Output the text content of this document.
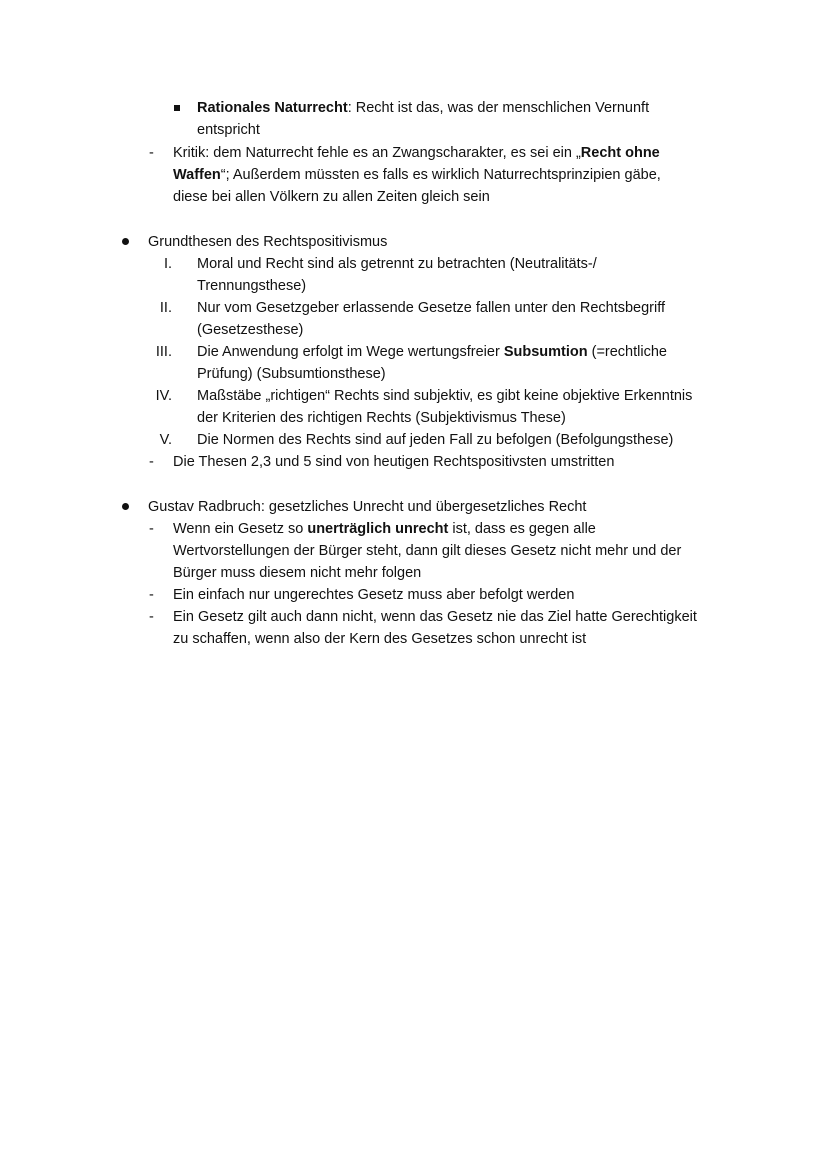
Rationales Naturrecht: Recht ist das, was der menschlichen Vernunft
entspricht
- Kritik: dem Naturrecht fehle es an Zwangscharakter, es sei ein „Recht ohne
Waffen“; Außerdem müssten es falls es wirklich Naturrechtsprinzipien gäbe,
diese bei allen Völkern zu allen Zeiten gleich sein
Grundthesen des Rechtspositivismus
I. Moral und Recht sind als getrennt zu betrachten (Neutralitäts-/
Trennungsthese)
II. Nur vom Gesetzgeber erlassende Gesetze fallen unter den Rechtsbegriff
(Gesetzesthese)
III. Die Anwendung erfolgt im Wege wertungsfreier Subsumtion (=rechtliche
Prüfung) (Subsumtionsthese)
IV. Maßstäbe „richtigen“ Rechts sind subjektiv, es gibt keine objektive Erkenntnis
der Kriterien des richtigen Rechts (Subjektivismus These)
V. Die Normen des Rechts sind auf jeden Fall zu befolgen (Befolgungsthese)
- Die Thesen 2,3 und 5 sind von heutigen Rechtspositivsten umstritten
Gustav Radbruch: gesetzliches Unrecht und übergesetzliches Recht
- Wenn ein Gesetz so unerträglich unrecht ist, dass es gegen alle
Wertvorstellungen der Bürger steht, dann gilt dieses Gesetz nicht mehr und der
Bürger muss diesem nicht mehr folgen
- Ein einfach nur ungerechtes Gesetz muss aber befolgt werden
- Ein Gesetz gilt auch dann nicht, wenn das Gesetz nie das Ziel hatte Gerechtigkeit
zu schaffen, wenn also der Kern des Gesetzes schon unrecht ist
